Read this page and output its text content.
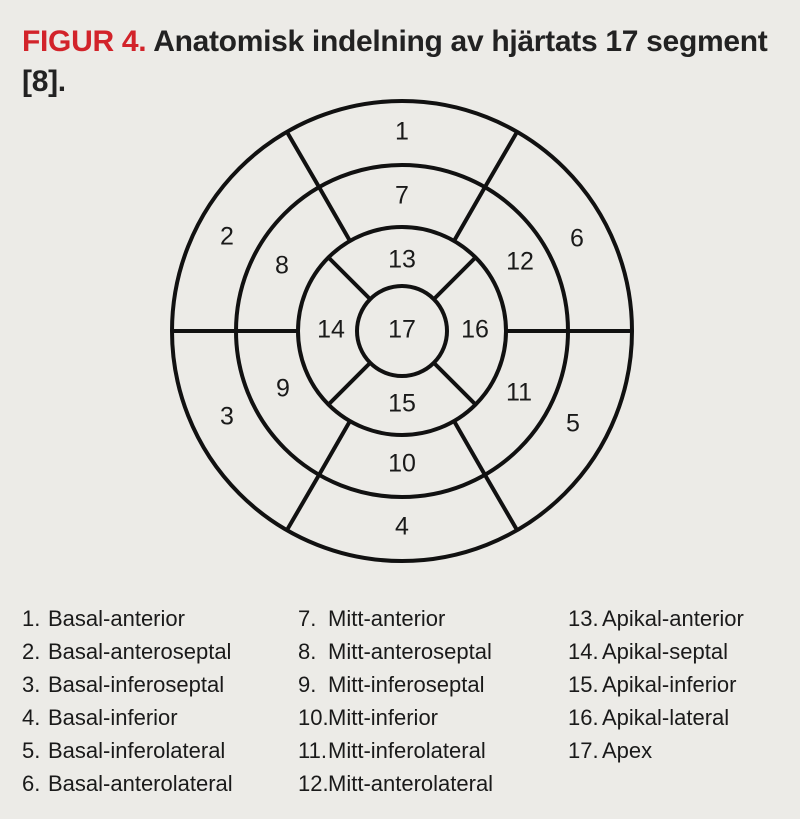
FIGUR 4. Anatomisk indelning av hjärtats 17 segment [8].
1
2
3
4
5
6
7
8
9
10
11
12
13
14
15
16
17
1. Basal-anterior
2. Basal-anteroseptal
3. Basal-inferoseptal
4. Basal-inferior
5. Basal-inferolateral
6. Basal-anterolateral
7. Mitt-anterior
8. Mitt-anteroseptal
9. Mitt-inferoseptal
10.Mitt-inferior
11.Mitt-inferolateral
12.Mitt-anterolateral
13. Apikal-anterior
14. Apikal-septal
15. Apikal-inferior
16. Apikal-lateral
17. Apex
